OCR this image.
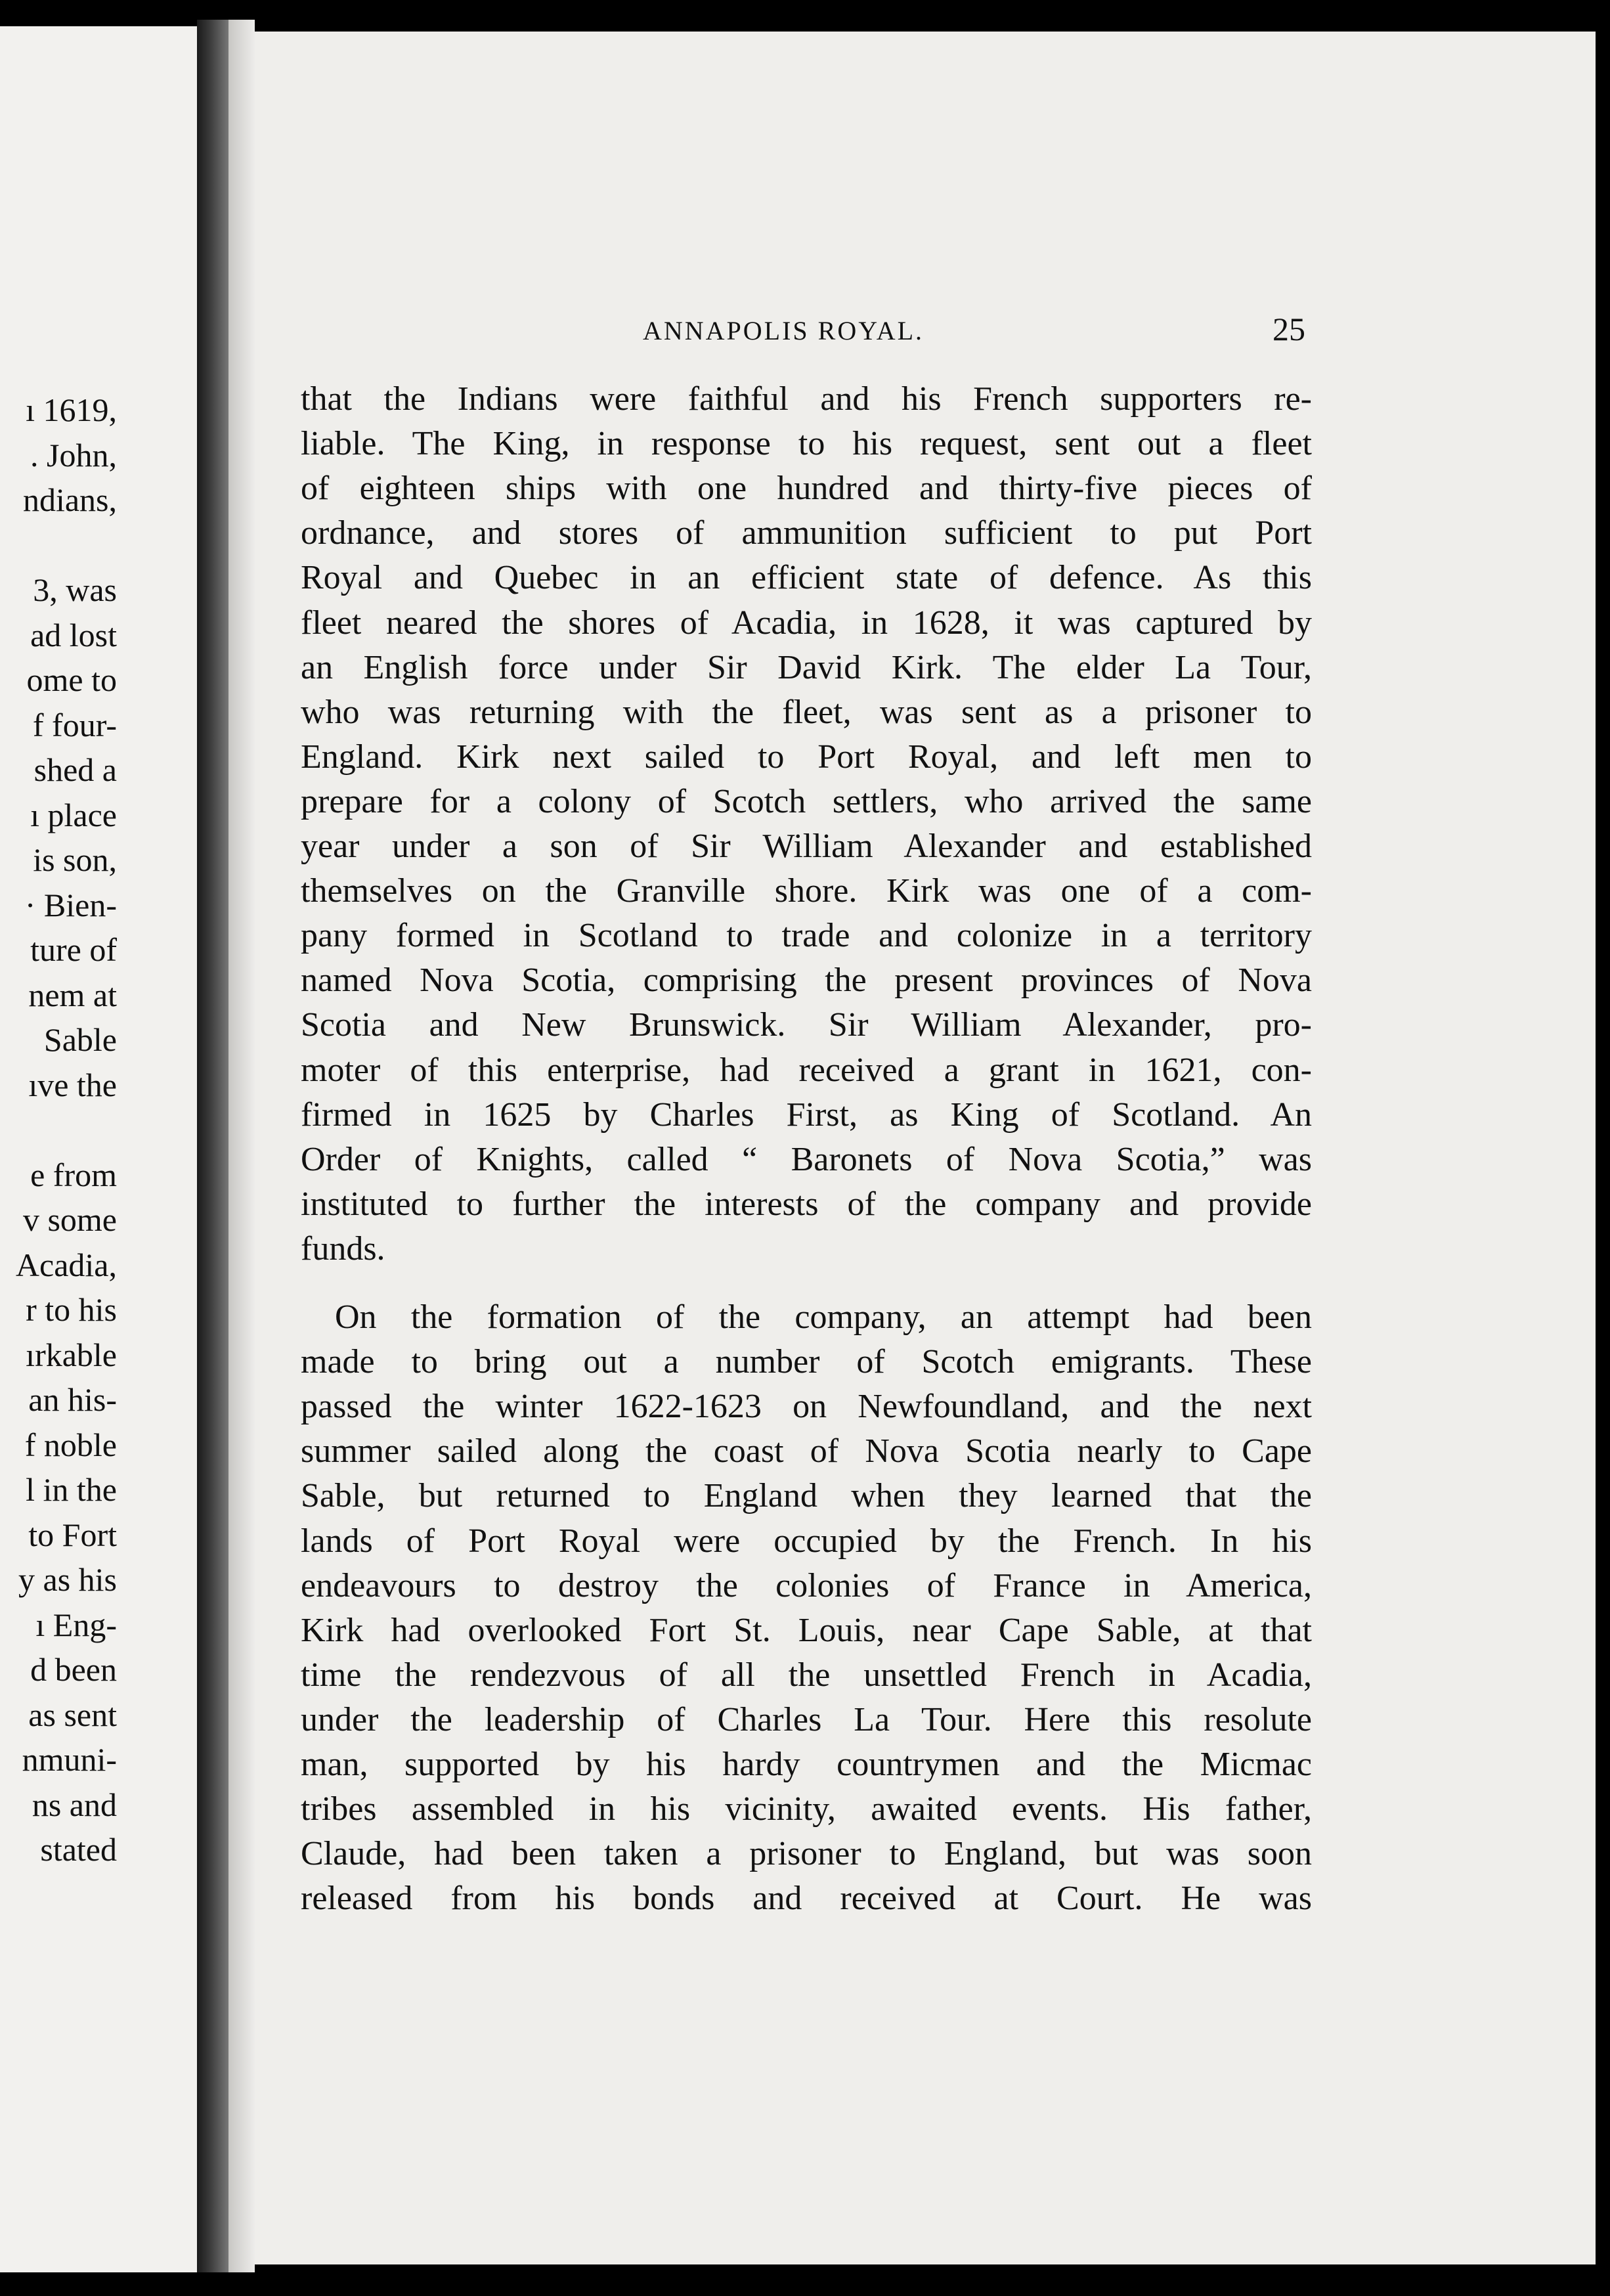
ı 1619,
. John,
ndians,
3, was
ad lost
ome to
f four-
shed a
ı place
is son,
· Bien-
ture of
nem at
Sable
ıve the
e from
v some
Acadia,
r to his
ırkable
an his-
f noble
l in the
to Fort
y as his
ı Eng-
d been
as sent
nmuni-
ns and
stated
ANNAPOLIS ROYAL.	25
that the Indians were faithful and his French supporters re-
liable. The King, in response to his request, sent out a fleet
of eighteen ships with one hundred and thirty-five pieces of
ordnance, and stores of ammunition sufficient to put Port
Royal and Quebec in an efficient state of defence. As this
fleet neared the shores of Acadia, in 1628, it was captured by
an English force under Sir David Kirk. The elder La Tour,
who was returning with the fleet, was sent as a prisoner to
England. Kirk next sailed to Port Royal, and left men to
prepare for a colony of Scotch settlers, who arrived the same
year under a son of Sir William Alexander and established
themselves on the Granville shore. Kirk was one of a com-
pany formed in Scotland to trade and colonize in a territory
named Nova Scotia, comprising the present provinces of Nova
Scotia and New Brunswick. Sir William Alexander, pro-
moter of this enterprise, had received a grant in 1621, con-
firmed in 1625 by Charles First, as King of Scotland. An
Order of Knights, called “ Baronets of Nova Scotia,” was
instituted to further the interests of the company and provide
funds.
On the formation of the company, an attempt had been
made to bring out a number of Scotch emigrants. These
passed the winter 1622-1623 on Newfoundland, and the next
summer sailed along the coast of Nova Scotia nearly to Cape
Sable, but returned to England when they learned that the
lands of Port Royal were occupied by the French. In his
endeavours to destroy the colonies of France in America,
Kirk had overlooked Fort St. Louis, near Cape Sable, at that
time the rendezvous of all the unsettled French in Acadia,
under the leadership of Charles La Tour. Here this resolute
man, supported by his hardy countrymen and the Micmac
tribes assembled in his vicinity, awaited events. His father,
Claude, had been taken a prisoner to England, but was soon
released from his bonds and received at Court. He was
